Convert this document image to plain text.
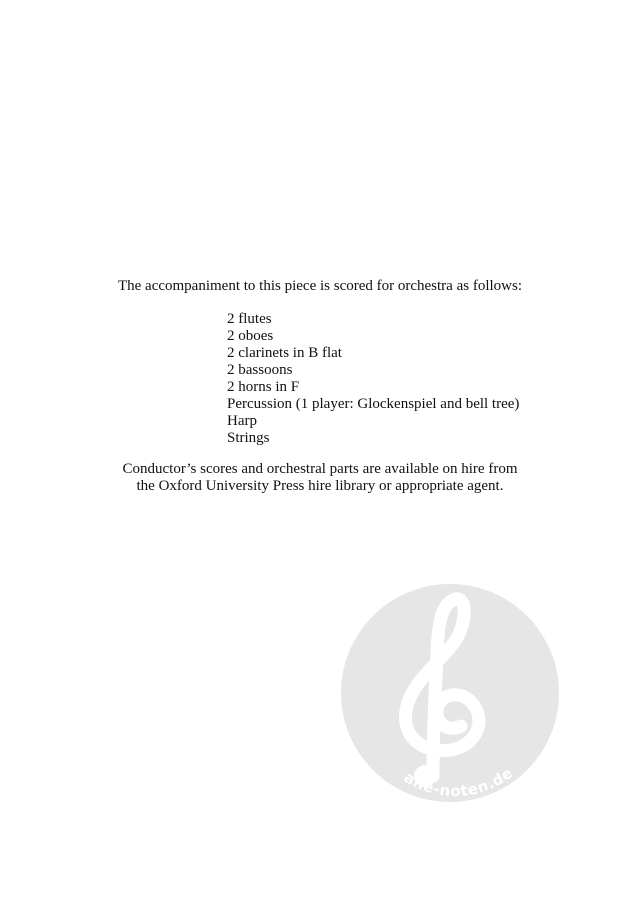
The accompaniment to this piece is scored for orchestra as follows:

2 flutes
2 oboes
2 clarinets in B flat
2 bassoons
2 horns in F
Percussion (1 player: Glockenspiel and bell tree)
Harp
Strings

Conductor’s scores and orchestral parts are available on hire from
the Oxford University Press hire library or appropriate agent.

alle-noten.de
